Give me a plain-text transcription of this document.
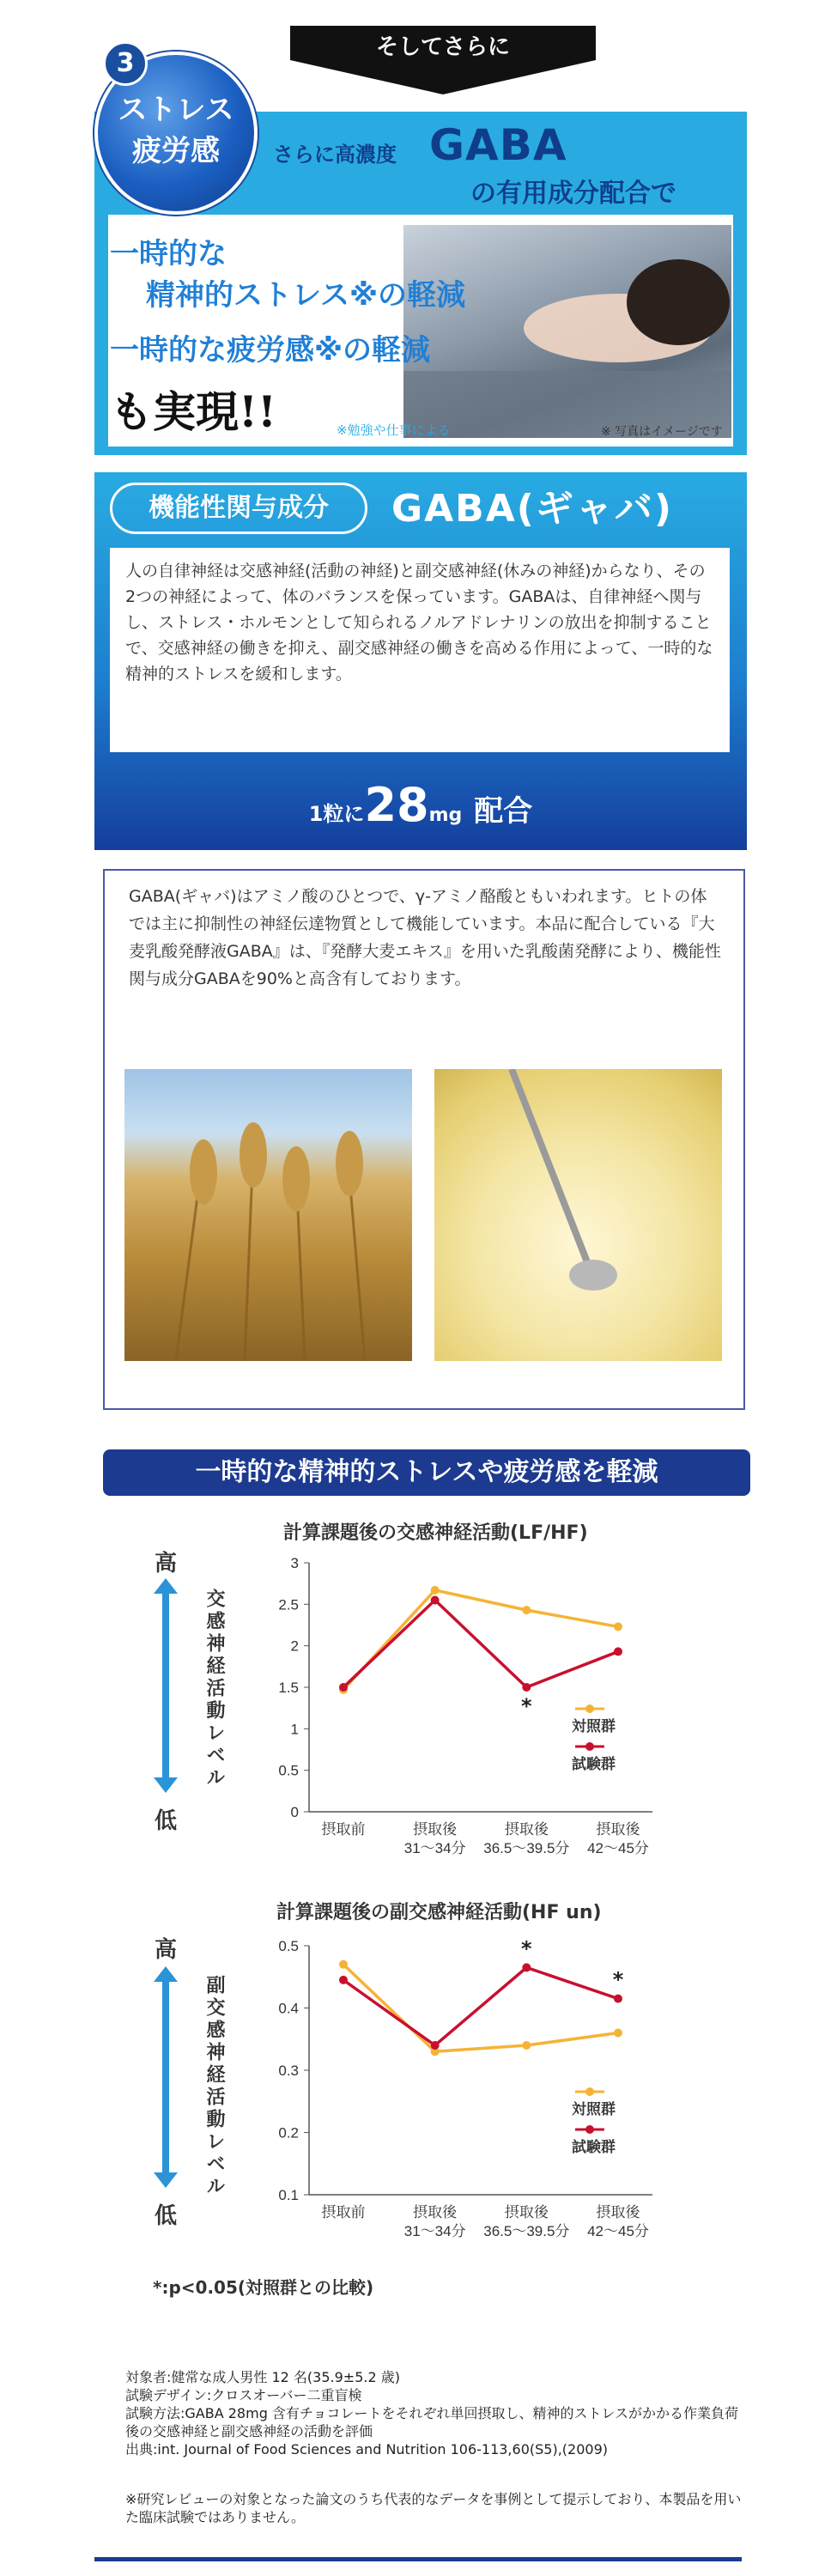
そしてさらに
3
ストレス
疲労感	さらに高濃度 GABA
の有用成分配合で
一時的な
精神的ストレス※の軽減
一時的な疲労感※の軽減
も実現!!	※勉強や仕事による	※ 写真はイメージです
機能性関与成分	GABA(ギャバ)
人の自律神経は交感神経(活動の神経)と副交感神経(休みの神経)からなり、その2つの神経によって、体のバランスを保っています。GABAは、自律神経へ関与し、ストレス・ホルモンとして知られるノルアドレナリンの放出を抑制することで、交感神経の働きを抑え、副交感神経の働きを高める作用によって、一時的な精神的ストレスを緩和します。
1粒に28mg 配合
GABA(ギャバ)はアミノ酸のひとつで、γ-アミノ酪酸ともいわれます。ヒトの体では主に抑制性の神経伝達物質として機能しています。本品に配合している『大麦乳酸発酵液GABA』は、『発酵大麦エキス』を用いた乳酸菌発酵により、機能性関与成分GABAを90%と高含有しております。
一時的な精神的ストレスや疲労感を軽減
計算課題後の交感神経活動(LF/HF)
高
低
交感神経活動レベル
0
0.5
1
1.5
2
2.5
3
摂取前	摂取後
31〜34分
摂取後
36.5〜39.5分
摂取後
42〜45分
*
対照群
試験群
計算課題後の副交感神経活動(HF un)
高
低
副交感神経活動レベル	0.1
0.2
0.3
0.4
0.5
摂取前	摂取後
31〜34分
摂取後
36.5〜39.5分
摂取後
42〜45分
*
*
対照群
試験群
*:p<0.05(対照群との比較)
対象者:健常な成人男性 12 名(35.9±5.2 歳)
試験デザイン:クロスオーバー二重盲検
試験方法:GABA 28mg 含有チョコレートをそれぞれ単回摂取し、精神的ストレスがかかる作業負荷後の交感神経と副交感神経の活動を評価
出典:int. Journal of Food Sciences and Nutrition 106-113,60(S5),(2009)
※研究レビューの対象となった論文のうち代表的なデータを事例として提示しており、本製品を用いた臨床試験ではありません。
